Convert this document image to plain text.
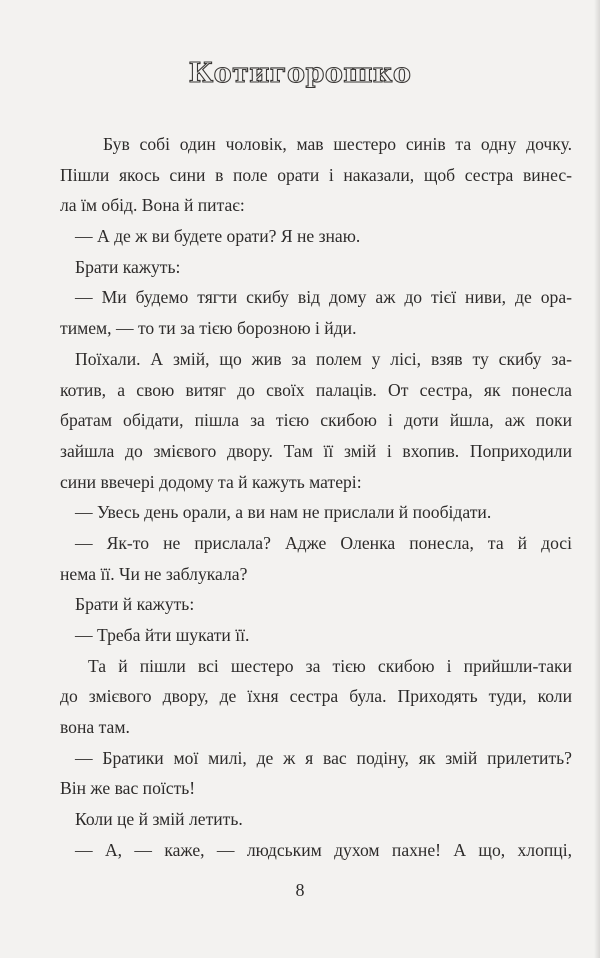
Котигорошко
Був собі один чоловік, мав шестеро синів та одну дочку.
Пішли якось сини в поле орати і наказали, щоб сестра винес-
ла їм обід. Вона й питає:
— А де ж ви будете орати? Я не знаю.
Брати кажуть:
— Ми будемо тягти скибу від дому аж до тієї ниви, де ора-
тимем, — то ти за тією борозною і йди.
Поїхали. А змій, що жив за полем у лісі, взяв ту скибу за-
котив, а свою витяг до своїх палаців. От сестра, як понесла
братам обідати, пішла за тією скибою і доти йшла, аж поки
зайшла до змієвого двору. Там її змій і вхопив. Поприходили
сини ввечері додому та й кажуть матері:
— Увесь день орали, а ви нам не прислали й пообідати.
— Як-то не прислала? Адже Оленка понесла, та й досі
нема її. Чи не заблукала?
Брати й кажуть:
— Треба йти шукати її.
Та й пішли всі шестеро за тією скибою і прийшли-таки
до змієвого двору, де їхня сестра була. Приходять туди, коли
вона там.
— Братики мої милі, де ж я вас подіну, як змій прилетить?
Він же вас поїсть!
Коли це й змій летить.
— А, — каже, — людським духом пахне! А що, хлопці,
8
